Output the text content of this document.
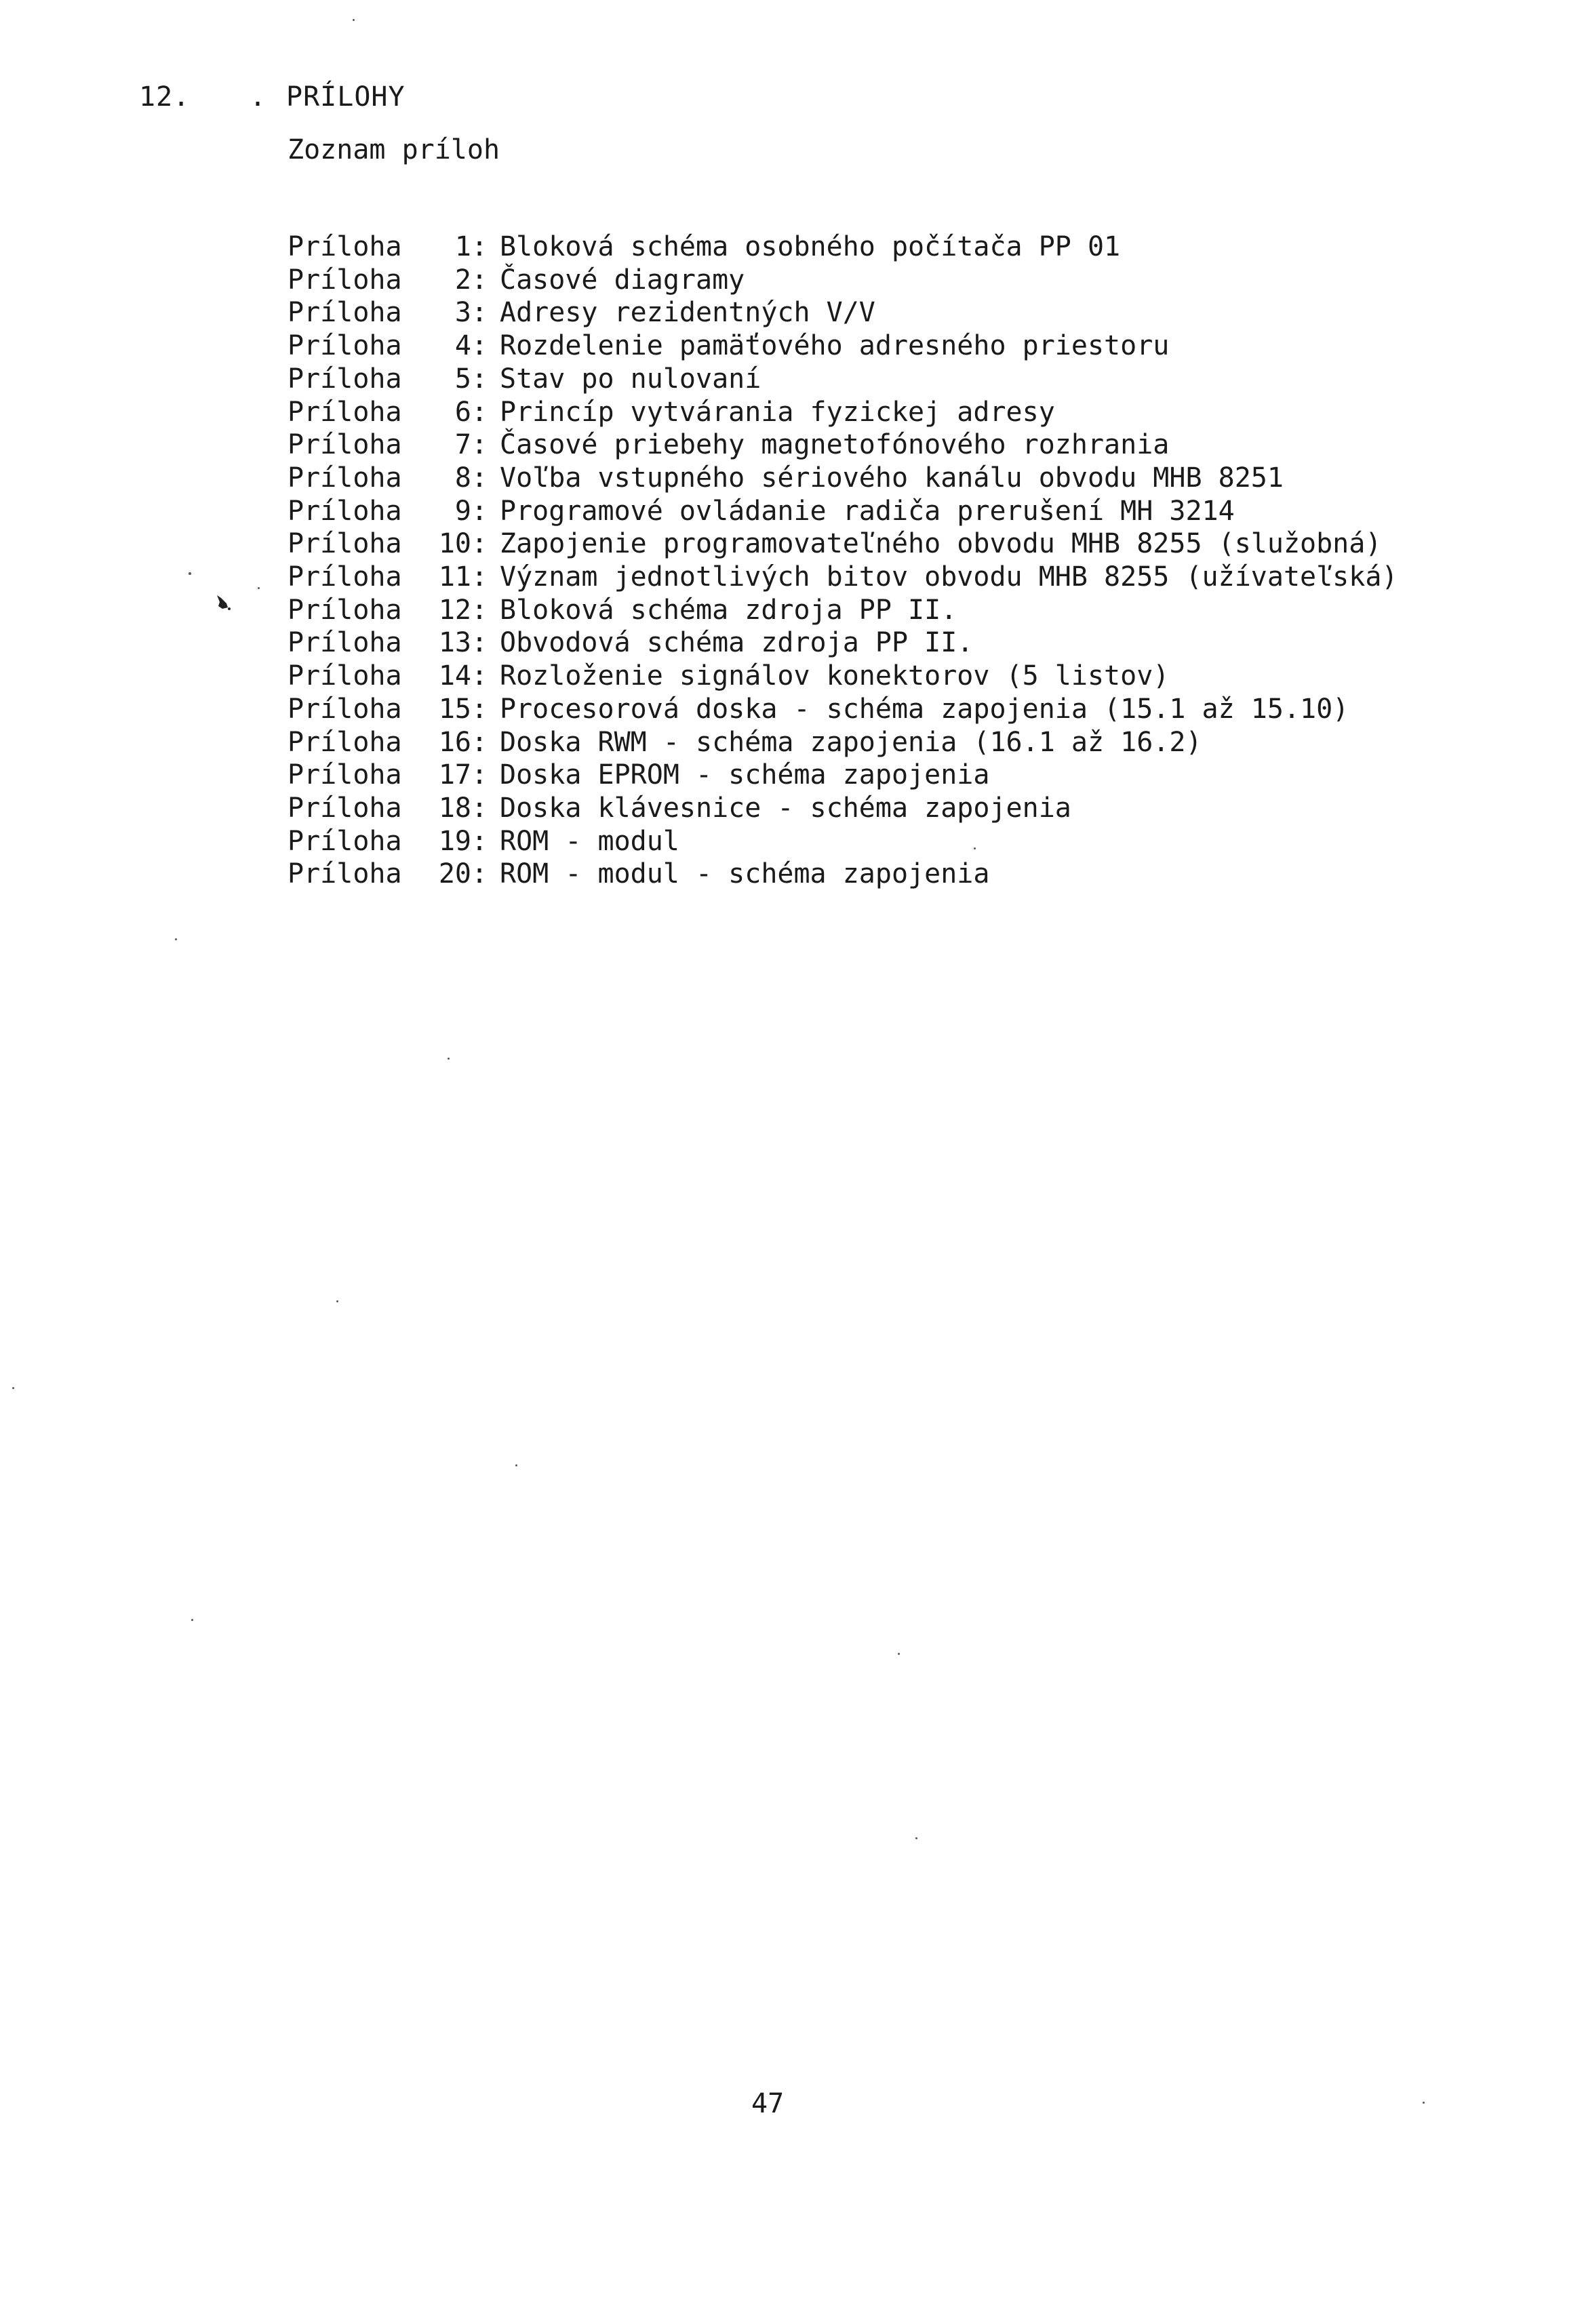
12. . PRÍLOHY
Zoznam príloh
Príloha	1 : Bloková schéma osobného počítača PP 01
Príloha	2 : Časové diagramy
Príloha	3 : Adresy rezidentných V/V
Príloha	4 : Rozdelenie pamäťového adresného priestoru
Príloha	5 : Stav po nulovaní
Príloha	6 : Princíp vytvárania fyzickej adresy
Príloha	7 : Časové priebehy magnetofónového rozhrania
Príloha	8 : Voľba vstupného sériového kanálu obvodu MHB 8251
Príloha	9 : Programové ovládanie radiča prerušení MH 3214
Príloha	10 : Zapojenie programovateľného obvodu MHB 8255 (služobná)
Príloha	11 : Význam jednotlivých bitov obvodu MHB 8255 (užívateľská)
Príloha	12 : Bloková schéma zdroja PP II.
Príloha	13 : Obvodová schéma zdroja PP II.
Príloha	14 : Rozloženie signálov konektorov (5 listov)
Príloha	15 : Procesorová doska - schéma zapojenia (15.1 až 15.10)
Príloha	16 : Doska RWM - schéma zapojenia (16.1 až 16.2)
Príloha	17 : Doska EPROM - schéma zapojenia
Príloha	18 : Doska klávesnice - schéma zapojenia
Príloha	19 : ROM - modul
Príloha	20 : ROM - modul - schéma zapojenia
47
